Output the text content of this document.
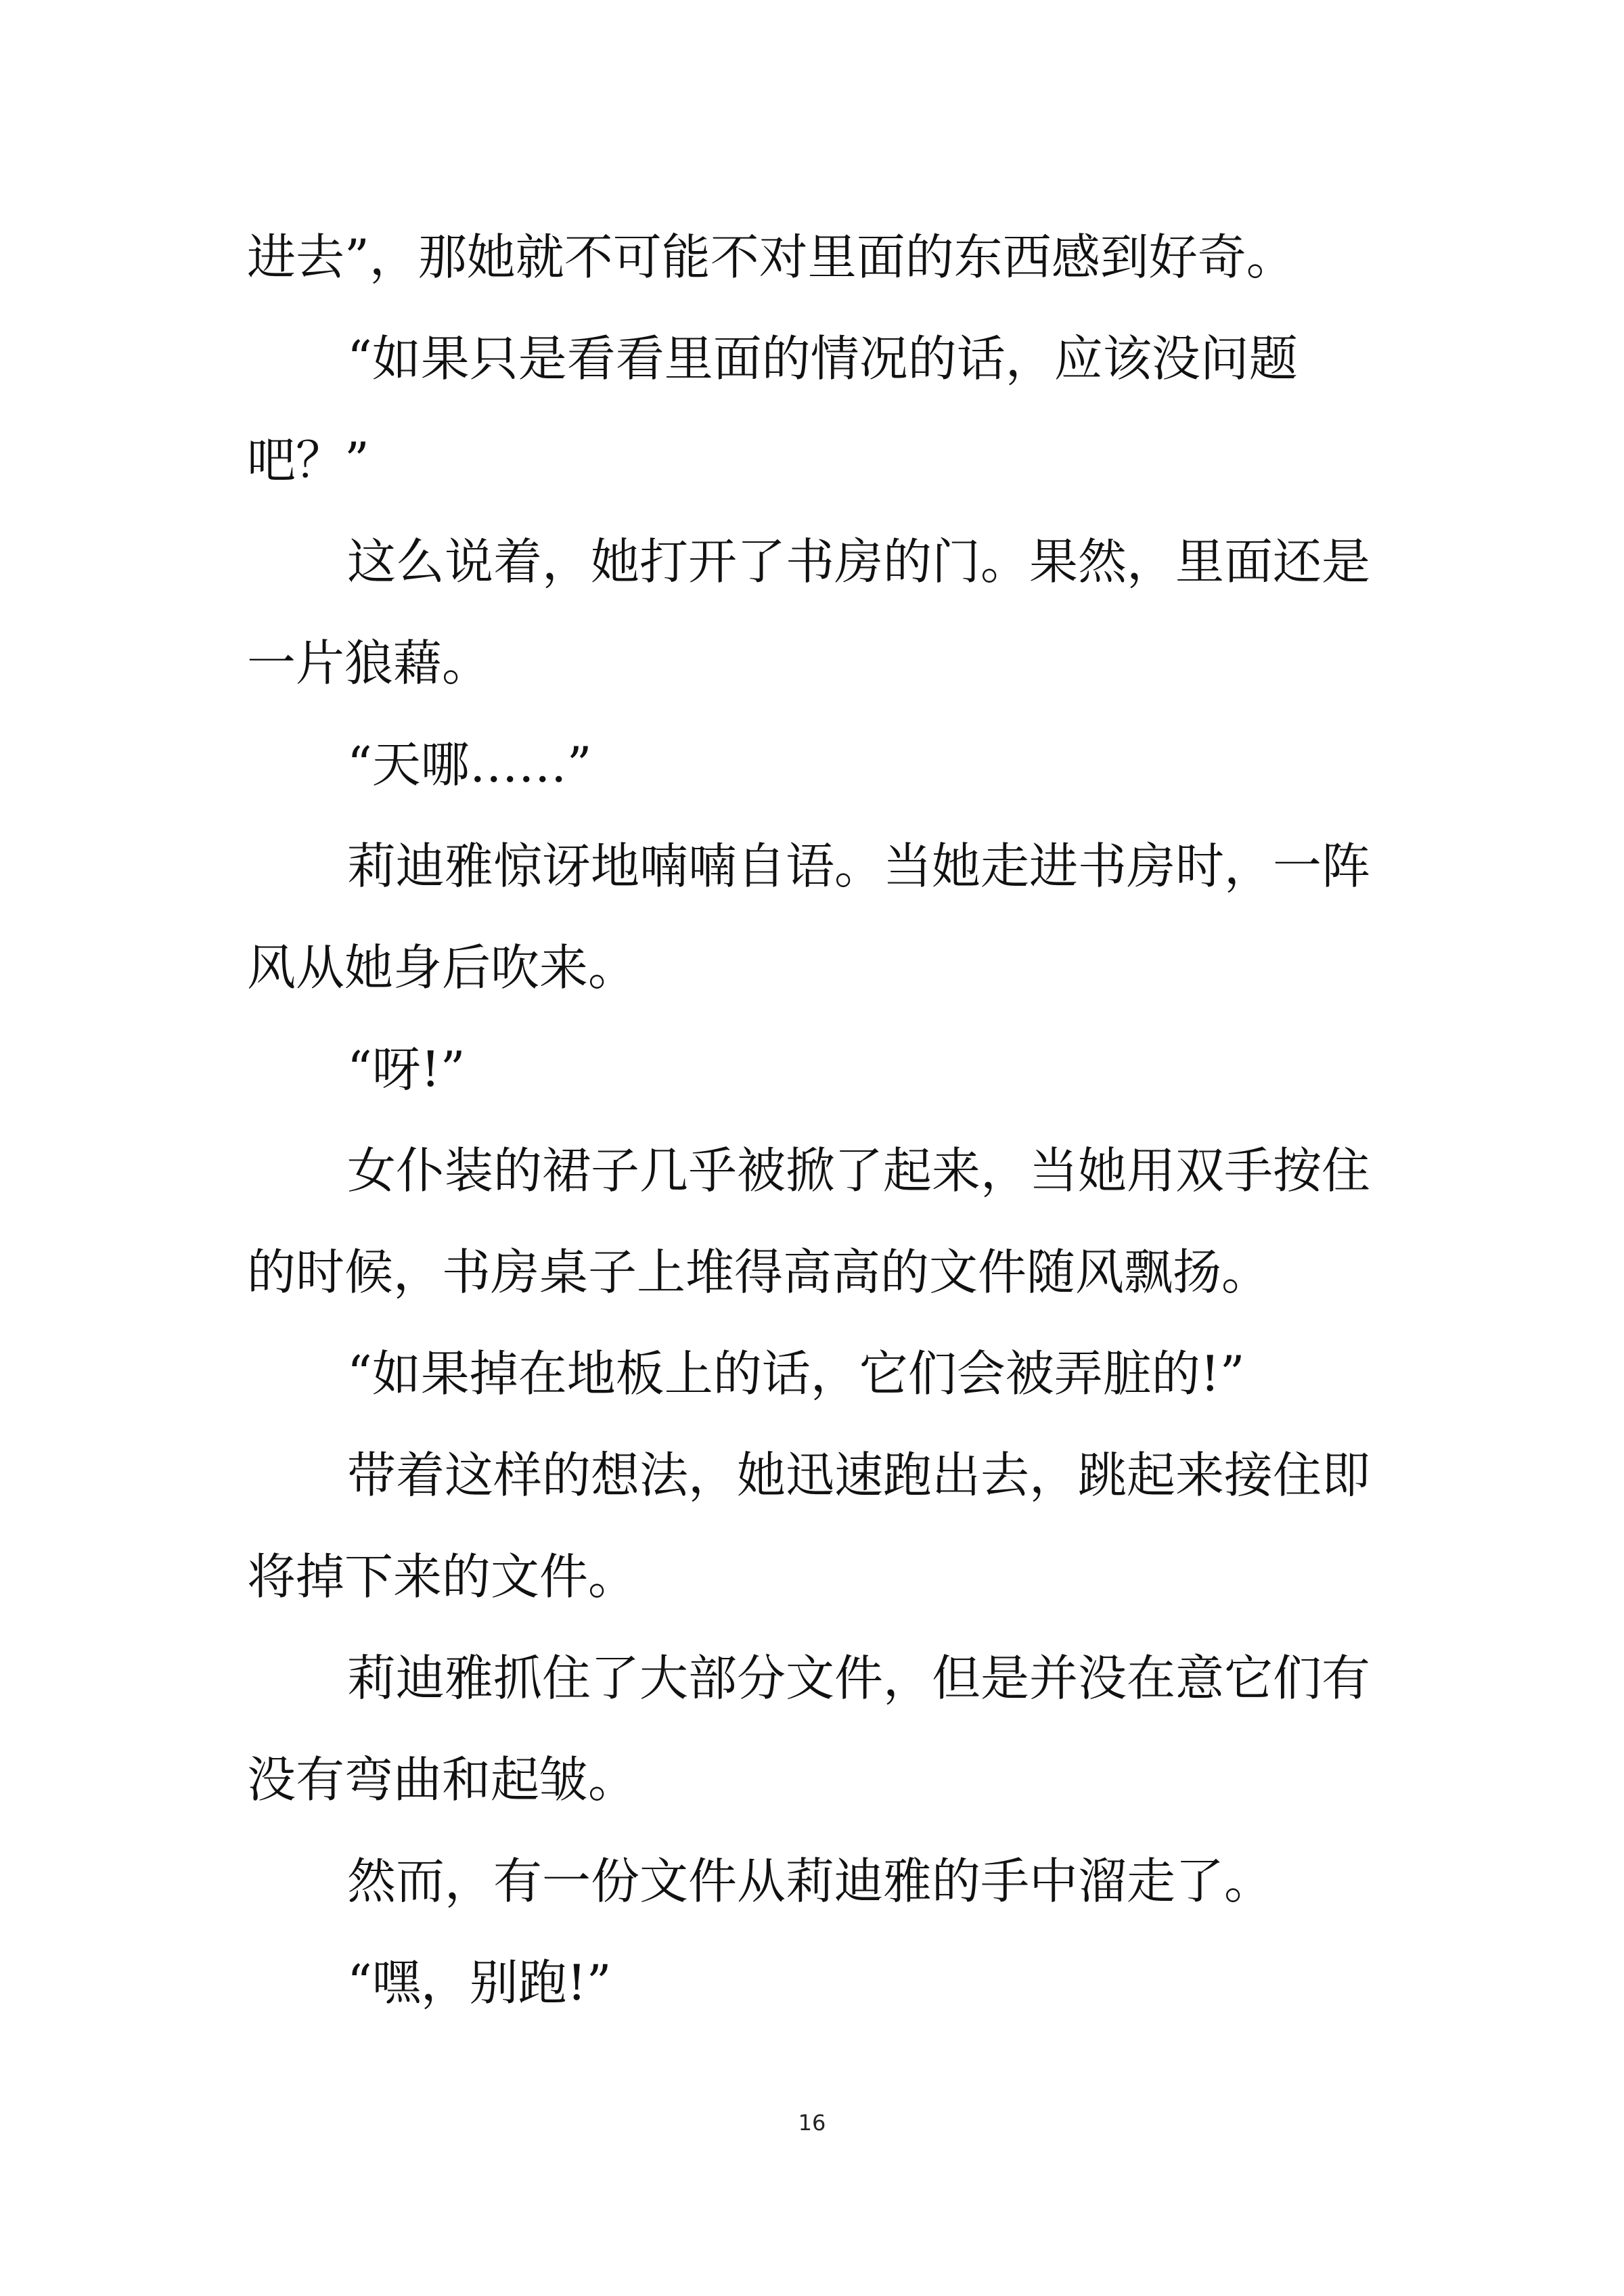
进去”，那她就不可能不对里面的东西感到好奇。

“如果只是看看里面的情况的话，应该没问题

吧？”

这么说着，她打开了书房的门。果然，里面还是

一片狼藉。

“天哪……”

莉迪雅惊讶地喃喃自语。当她走进书房时，一阵

风从她身后吹来。

“呀!”

女仆装的裙子几乎被掀了起来，当她用双手按住

的时候，书房桌子上堆得高高的文件随风飘扬。

“如果掉在地板上的话，它们会被弄脏的!”

带着这样的想法，她迅速跑出去，跳起来接住即

将掉下来的文件。

莉迪雅抓住了大部分文件，但是并没在意它们有

没有弯曲和起皱。

然而，有一份文件从莉迪雅的手中溜走了。

“嘿，别跑!”

16
